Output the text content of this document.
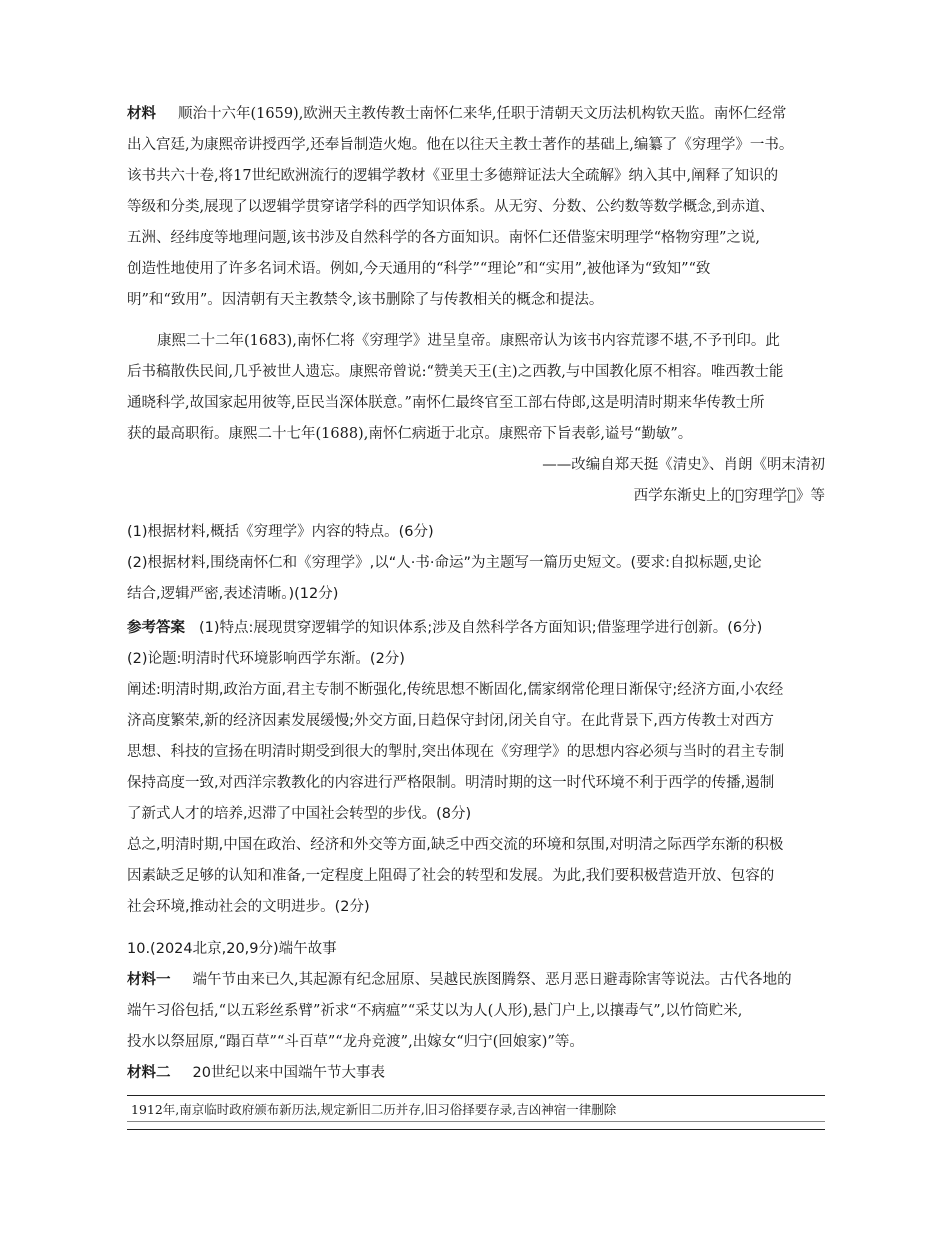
材料 顺治十六年(1659),欧洲天主教传教士南怀仁来华,任职于清朝天文历法机构钦天监。南怀仁经常
出入宫廷,为康熙帝讲授西学,还奉旨制造火炮。他在以往天主教士著作的基础上,编纂了《穷理学》一书。
该书共六十卷,将17世纪欧洲流行的逻辑学教材《亚里士多德辩证法大全疏解》纳入其中,阐释了知识的
等级和分类,展现了以逻辑学贯穿诸学科的西学知识体系。从无穷、分数、公约数等数学概念,到赤道、
五洲、经纬度等地理问题,该书涉及自然科学的各方面知识。南怀仁还借鉴宋明理学“格物穷理”之说,
创造性地使用了许多名词术语。例如,今天通用的“科学”“理论”和“实用”,被他译为“致知”“致
明”和“致用”。因清朝有天主教禁令,该书删除了与传教相关的概念和提法。
康熙二十二年(1683),南怀仁将《穷理学》进呈皇帝。康熙帝认为该书内容荒谬不堪,不予刊印。此
后书稿散佚民间,几乎被世人遗忘。康熙帝曾说:“赞美天王(主)之西教,与中国教化原不相容。唯西教士能
通晓科学,故国家起用彼等,臣民当深体朕意。”南怀仁最终官至工部右侍郎,这是明清时期来华传教士所
获的最高职衔。康熙二十七年(1688),南怀仁病逝于北京。康熙帝下旨表彰,谥号“勤敏”。
——改编自郑天挺《清史》、肖朗《明末清初
西学东渐史上的 穷理学 》等
(1)根据材料,概括《穷理学》内容的特点。(6分)
(2)根据材料,围绕南怀仁和《穷理学》,以“人·书·命运”为主题写一篇历史短文。(要求:自拟标题,史论
结合,逻辑严密,表述清晰。)(12分)
参考答案 (1)特点:展现贯穿逻辑学的知识体系;涉及自然科学各方面知识;借鉴理学进行创新。(6分)
(2)论题:明清时代环境影响西学东渐。(2分)
阐述:明清时期,政治方面,君主专制不断强化,传统思想不断固化,儒家纲常伦理日渐保守;经济方面,小农经
济高度繁荣,新的经济因素发展缓慢;外交方面,日趋保守封闭,闭关自守。在此背景下,西方传教士对西方
思想、科技的宣扬在明清时期受到很大的掣肘,突出体现在《穷理学》的思想内容必须与当时的君主专制
保持高度一致,对西洋宗教教化的内容进行严格限制。明清时期的这一时代环境不利于西学的传播,遏制
了新式人才的培养,迟滞了中国社会转型的步伐。(8分)
总之,明清时期,中国在政治、经济和外交等方面,缺乏中西交流的环境和氛围,对明清之际西学东渐的积极
因素缺乏足够的认知和准备,一定程度上阻碍了社会的转型和发展。为此,我们要积极营造开放、包容的
社会环境,推动社会的文明进步。(2分)
10.(2024北京,20,9分)端午故事
材料一 端午节由来已久,其起源有纪念屈原、吴越民族图腾祭、恶月恶日避毒除害等说法。古代各地的
端午习俗包括,“以五彩丝系臂”祈求“不病瘟”“采艾以为人(人形),悬门户上,以攘毒气”,以竹筒贮米,
投水以祭屈原,“蹋百草”“斗百草”“龙舟竞渡”,出嫁女“归宁(回娘家)”等。
材料二 20世纪以来中国端午节大事表
1912年,南京临时政府颁布新历法,规定新旧二历并存,旧习俗择要存录,吉凶神宿一律删除
